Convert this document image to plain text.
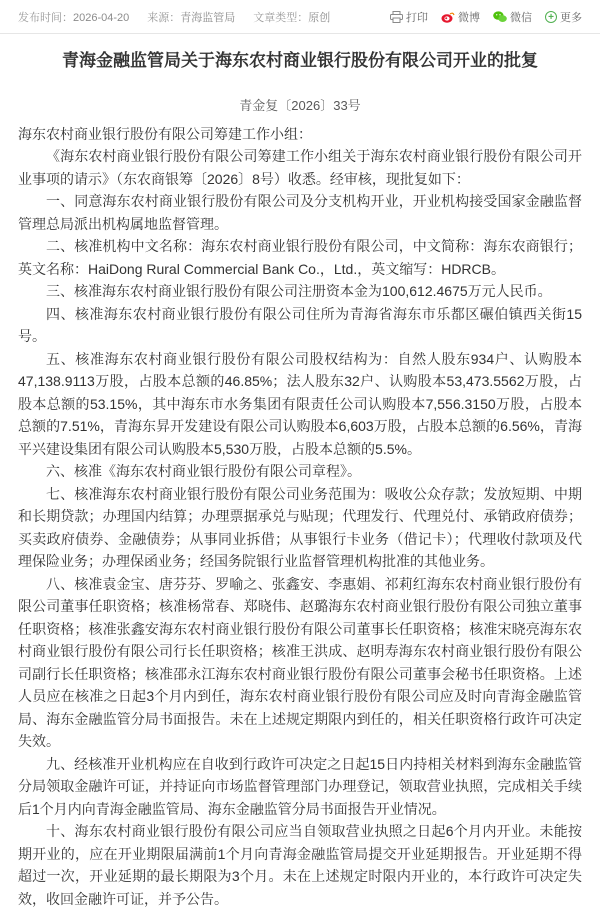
发布时间：2026-04-20 来源：青海监管局 文章类型：原创	打印	微博	微信	+ 更多
青海金融监管局关于海东农村商业银行股份有限公司开业的批复
青金复〔2026〕33号

海东农村商业银行股份有限公司筹建工作小组：

《海东农村商业银行股份有限公司筹建工作小组关于海东农村商业银行股份有限公司开业事项的请示》（东农商银筹〔2026〕8号）收悉。经审核，现批复如下：

一、同意海东农村商业银行股份有限公司及分支机构开业，开业机构接受国家金融监督管理总局派出机构属地监督管理。

二、核准机构中文名称：海东农村商业银行股份有限公司，中文简称：海东农商银行；英文名称：HaiDong Rural Commercial Bank Co.，Ltd.，英文缩写：HDRCB。

三、核准海东农村商业银行股份有限公司注册资本金为100,612.4675万元人民币。

四、核准海东农村商业银行股份有限公司住所为青海省海东市乐都区碾伯镇西关街15号。

五、核准海东农村商业银行股份有限公司股权结构为：自然人股东934户、认购股本47,138.9113万股，占股本总额的46.85%；法人股东32户、认购股本53,473.5562万股，占股本总额的53.15%，其中海东市水务集团有限责任公司认购股本7,556.3150万股，占股本总额的7.51%，青海东昇开发建设有限公司认购股本6,603万股，占股本总额的6.56%，青海平兴建设集团有限公司认购股本5,530万股，占股本总额的5.5%。

六、核准《海东农村商业银行股份有限公司章程》。

七、核准海东农村商业银行股份有限公司业务范围为：吸收公众存款；发放短期、中期和长期贷款；办理国内结算；办理票据承兑与贴现；代理发行、代理兑付、承销政府债券；买卖政府债券、金融债券；从事同业拆借；从事银行卡业务（借记卡）；代理收付款项及代理保险业务；办理保函业务；经国务院银行业监督管理机构批准的其他业务。

八、核准袁金宝、唐芬芬、罗喻之、张鑫安、李惠娟、祁莉红海东农村商业银行股份有限公司董事任职资格；核准杨常春、郑晓伟、赵璐海东农村商业银行股份有限公司独立董事任职资格；核准张鑫安海东农村商业银行股份有限公司董事长任职资格；核准宋晓亮海东农村商业银行股份有限公司行长任职资格；核准王洪成、赵明寿海东农村商业银行股份有限公司副行长任职资格；核准邵永江海东农村商业银行股份有限公司董事会秘书任职资格。上述人员应在核准之日起3个月内到任，海东农村商业银行股份有限公司应及时向青海金融监管局、海东金融监管分局书面报告。未在上述规定期限内到任的，相关任职资格行政许可决定失效。

九、经核准开业机构应在自收到行政许可决定之日起15日内持相关材料到海东金融监管分局领取金融许可证，并持证向市场监督管理部门办理登记，领取营业执照，完成相关手续后1个月内向青海金融监管局、海东金融监管分局书面报告开业情况。

十、海东农村商业银行股份有限公司应当自领取营业执照之日起6个月内开业。未能按期开业的，应在开业期限届满前1个月向青海金融监管局提交开业延期报告。开业延期不得超过一次，开业延期的最长期限为3个月。未在上述规定时限内开业的，本行政许可决定失效，收回金融许可证，并予公告。
